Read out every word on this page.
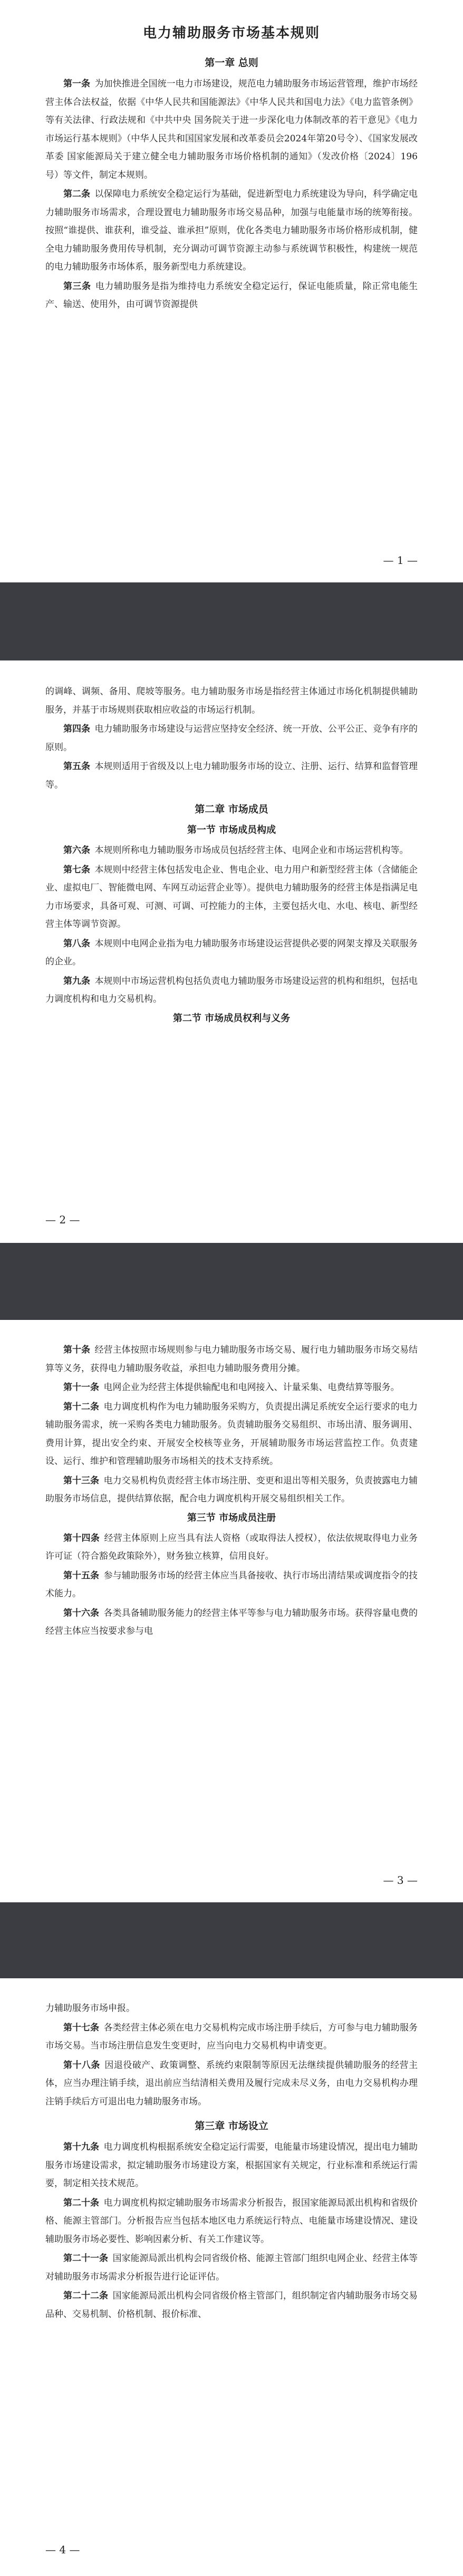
电力辅助服务市场基本规则
第一章 总则

第一条 为加快推进全国统一电力市场建设，规范电力辅助服务市场运营管理，维护市场经营主体合法权益，依据《中华人民共和国能源法》《中华人民共和国电力法》《电力监管条例》等有关法律、行政法规和《中共中央 国务院关于进一步深化电力体制改革的若干意见》《电力市场运行基本规则》（中华人民共和国国家发展和改革委员会2024年第20号令）、《国家发展改革委 国家能源局关于建立健全电力辅助服务市场价格机制的通知》（发改价格〔2024〕196号）等文件，制定本规则。

第二条 以保障电力系统安全稳定运行为基础，促进新型电力系统建设为导向，科学确定电力辅助服务市场需求，合理设置电力辅助服务市场交易品种，加强与电能量市场的统筹衔接。按照“谁提供、谁获利，谁受益、谁承担”原则，优化各类电力辅助服务市场价格形成机制，健全电力辅助服务费用传导机制，充分调动可调节资源主动参与系统调节积极性，构建统一规范的电力辅助服务市场体系，服务新型电力系统建设。

第三条 电力辅助服务是指为维持电力系统安全稳定运行，保证电能质量，除正常电能生产、输送、使用外，由可调节资源提供

— 1 —

的调峰、调频、备用、爬坡等服务。电力辅助服务市场是指经营主体通过市场化机制提供辅助服务，并基于市场规则获取相应收益的市场运行机制。

第四条 电力辅助服务市场建设与运营应坚持安全经济、统一开放、公平公正、竞争有序的原则。

第五条 本规则适用于省级及以上电力辅助服务市场的设立、注册、运行、结算和监督管理等。

第二章 市场成员
第一节 市场成员构成

第六条 本规则所称电力辅助服务市场成员包括经营主体、电网企业和市场运营机构等。

第七条 本规则中经营主体包括发电企业、售电企业、电力用户和新型经营主体（含储能企业、虚拟电厂、智能微电网、车网互动运营企业等）。提供电力辅助服务的经营主体是指满足电力市场要求，具备可观、可测、可调、可控能力的主体，主要包括火电、水电、核电、新型经营主体等调节资源。

第八条 本规则中电网企业指为电力辅助服务市场建设运营提供必要的网架支撑及关联服务的企业。

第九条 本规则中市场运营机构包括负责电力辅助服务市场建设运营的机构和组织，包括电力调度机构和电力交易机构。

第二节 市场成员权利与义务
— 2 —

第十条 经营主体按照市场规则参与电力辅助服务市场交易、履行电力辅助服务市场交易结算等义务，获得电力辅助服务收益，承担电力辅助服务费用分摊。

第十一条 电网企业为经营主体提供输配电和电网接入、计量采集、电费结算等服务。

第十二条 电力调度机构作为电力辅助服务采购方，负责提出满足系统安全运行要求的电力辅助服务需求，统一采购各类电力辅助服务。负责辅助服务交易组织、市场出清、服务调用、费用计算，提出安全约束、开展安全校核等业务，开展辅助服务市场运营监控工作。负责建设、运行、维护和管理辅助服务市场相关的技术支持系统。

第十三条 电力交易机构负责经营主体市场注册、变更和退出等相关服务，负责披露电力辅助服务市场信息，提供结算依据，配合电力调度机构开展交易组织相关工作。

第三节 市场成员注册

第十四条 经营主体原则上应当具有法人资格（或取得法人授权），依法依规取得电力业务许可证（符合豁免政策除外），财务独立核算，信用良好。

第十五条 参与辅助服务市场的经营主体应当具备接收、执行市场出清结果或调度指令的技术能力。

第十六条 各类具备辅助服务能力的经营主体平等参与电力辅助服务市场。获得容量电费的经营主体应当按要求参与电

— 3 —

力辅助服务市场申报。

第十七条 各类经营主体必须在电力交易机构完成市场注册手续后，方可参与电力辅助服务市场交易。当市场注册信息发生变更时，应当向电力交易机构申请变更。

第十八条 因退役破产、政策调整、系统约束限制等原因无法继续提供辅助服务的经营主体，应当办理注销手续，退出前应当结清相关费用及履行完成未尽义务，由电力交易机构办理注销手续后方可退出电力辅助服务市场。

第三章 市场设立

第十九条 电力调度机构根据系统安全稳定运行需要，电能量市场建设情况，提出电力辅助服务市场建设需求，拟定辅助服务市场建设方案，根据国家有关规定，行业标准和系统运行需要，制定相关技术规范。

第二十条 电力调度机构拟定辅助服务市场需求分析报告，报国家能源局派出机构和省级价格、能源主管部门。分析报告应当包括本地区电力系统运行特点、电能量市场建设情况、建设辅助服务市场必要性、影响因素分析、有关工作建议等。

第二十一条 国家能源局派出机构会同省级价格、能源主管部门组织电网企业、经营主体等对辅助服务市场需求分析报告进行论证评估。

第二十二条 国家能源局派出机构会同省级价格主管部门，组织制定省内辅助服务市场交易品种、交易机制、价格机制、报价标准、

— 4 —
